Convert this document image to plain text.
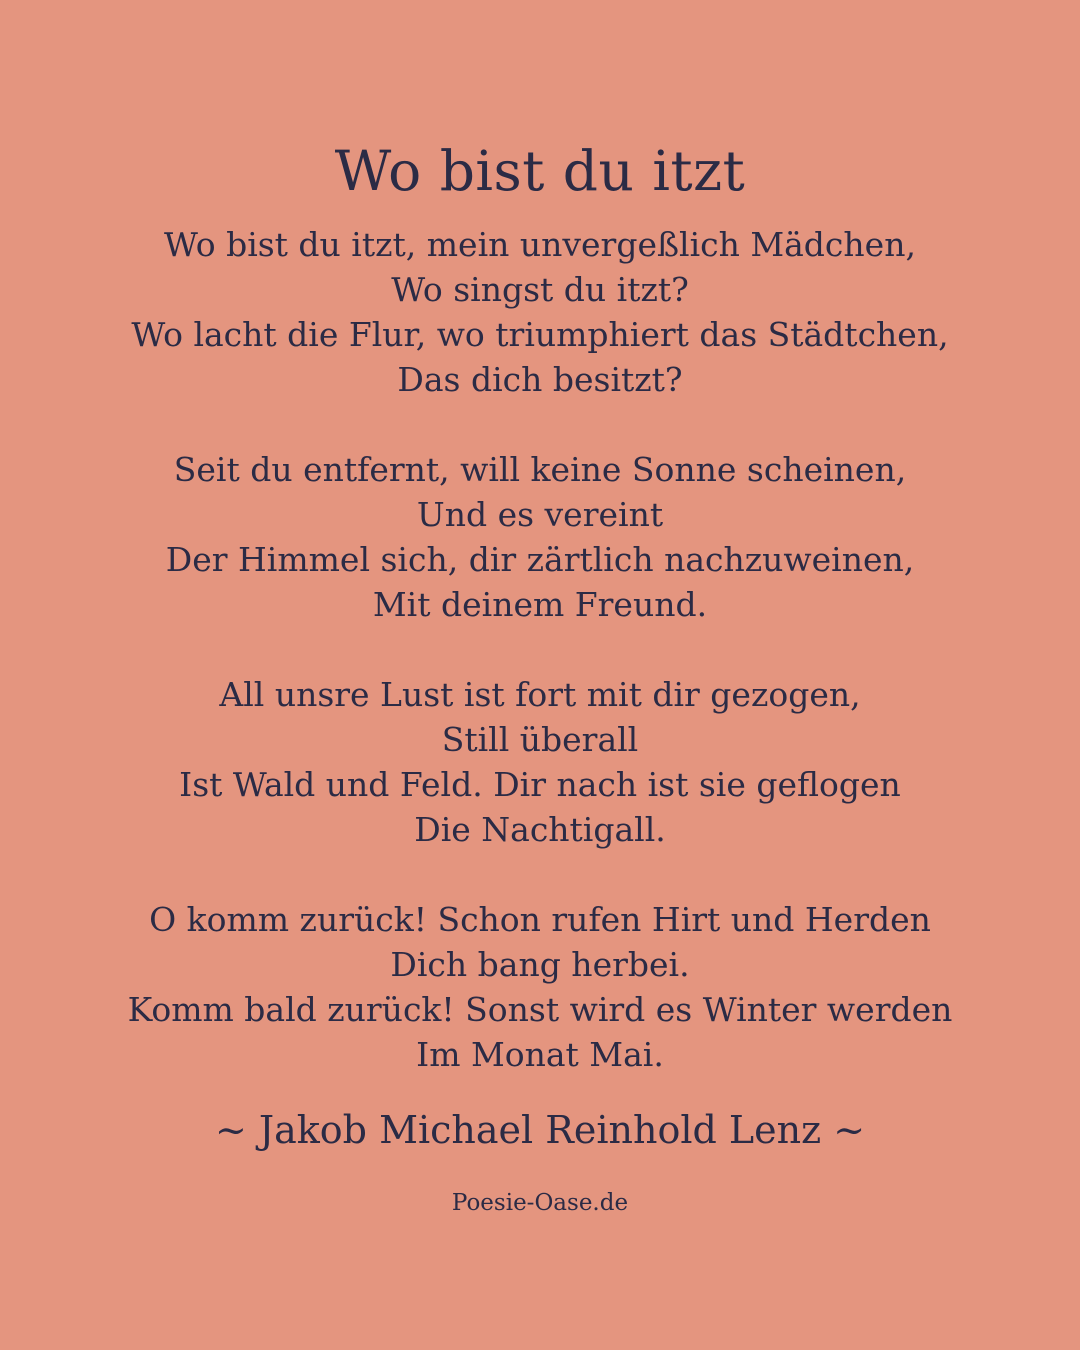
Wo bist du itzt
Wo bist du itzt, mein unvergeßlich Mädchen,
Wo singst du itzt?
Wo lacht die Flur, wo triumphiert das Städtchen,
Das dich besitzt?
Seit du entfernt, will keine Sonne scheinen,
Und es vereint
Der Himmel sich, dir zärtlich nachzuweinen,
Mit deinem Freund.
All unsre Lust ist fort mit dir gezogen,
Still überall
Ist Wald und Feld. Dir nach ist sie geflogen
Die Nachtigall.
O komm zurück! Schon rufen Hirt und Herden
Dich bang herbei.
Komm bald zurück! Sonst wird es Winter werden
Im Monat Mai.
~ Jakob Michael Reinhold Lenz ~
Poesie-Oase.de
